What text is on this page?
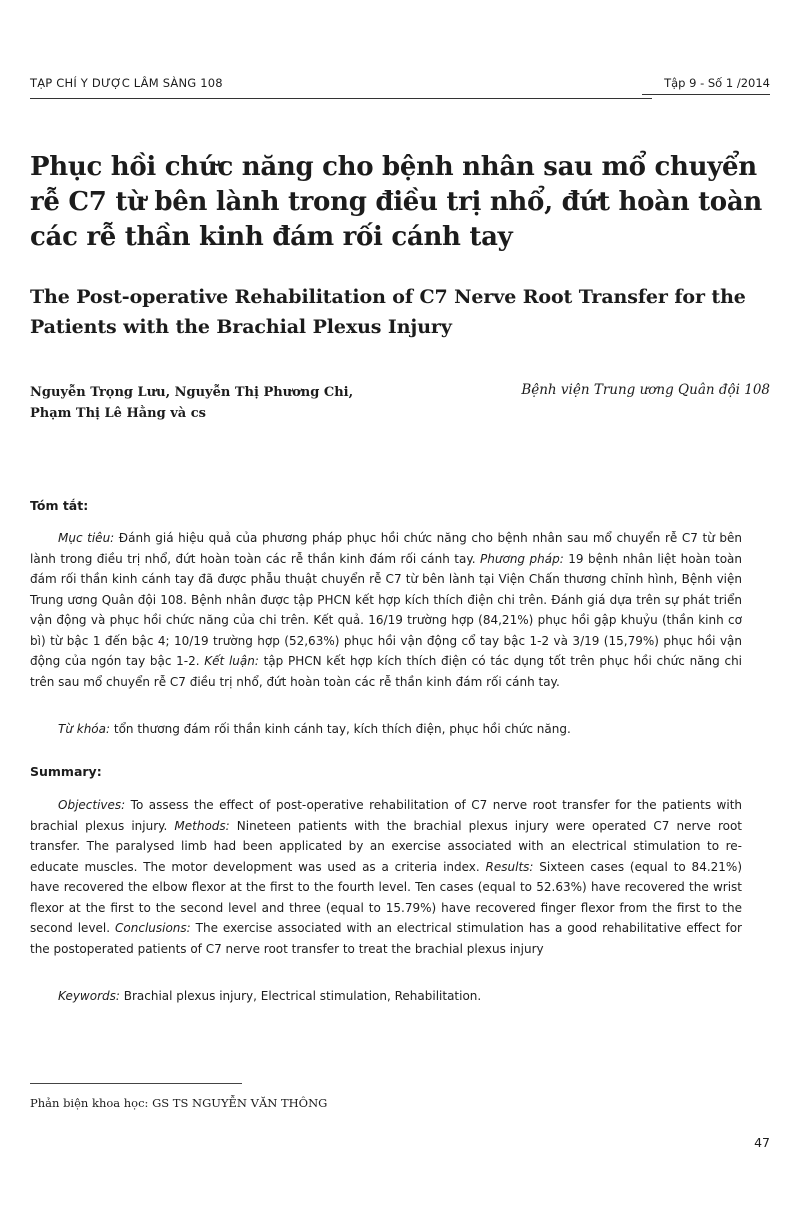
TẠP CHÍ Y DƯỢC LÂM SÀNG 108	Tập 9 - Số 1 /2014
Phục hồi chức năng cho bệnh nhân sau mổ chuyển rễ C7 từ bên lành trong điều trị nhổ, đứt hoàn toàn các rễ thần kinh đám rối cánh tay
The Post-operative Rehabilitation of C7 Nerve Root Transfer for the Patients with the Brachial Plexus Injury
Nguyễn Trọng Lưu, Nguyễn Thị Phương Chi,
Phạm Thị Lê Hằng và cs
Bệnh viện Trung ương Quân đội 108
Tóm tắt:

Mục tiêu: Đánh giá hiệu quả của phương pháp phục hồi chức năng cho bệnh nhân sau mổ chuyển rễ C7 từ bên lành trong điều trị nhổ, đứt hoàn toàn các rễ thần kinh đám rối cánh tay. Phương pháp: 19 bệnh nhân liệt hoàn toàn đám rối thần kinh cánh tay đã được phẫu thuật chuyển rễ C7 từ bên lành tại Viện Chấn thương chỉnh hình, Bệnh viện Trung ương Quân đội 108. Bệnh nhân được tập PHCN kết hợp kích thích điện chi trên. Đánh giá dựa trên sự phát triển vận động và phục hồi chức năng của chi trên. Kết quả. 16/19 trường hợp (84,21%) phục hồi gập khuỷu (thần kinh cơ bì) từ bậc 1 đến bậc 4; 10/19 trường hợp (52,63%) phục hồi vận động cổ tay bậc 1-2 và 3/19 (15,79%) phục hồi vận động của ngón tay bậc 1-2. Kết luận: tập PHCN kết hợp kích thích điện có tác dụng tốt trên phục hồi chức năng chi trên sau mổ chuyển rễ C7 điều trị nhổ, đứt hoàn toàn các rễ thần kinh đám rối cánh tay.

Từ khóa: tổn thương đám rối thần kinh cánh tay, kích thích điện, phục hồi chức năng.

Summary:

Objectives: To assess the effect of post-operative rehabilitation of C7 nerve root transfer for the patients with brachial plexus injury. Methods: Nineteen patients with the brachial plexus injury were operated C7 nerve root transfer. The paralysed limb had been applicated by an exercise associated with an electrical stimulation to re-educate muscles. The motor development was used as a criteria index. Results: Sixteen cases (equal to 84.21%) have recovered the elbow flexor at the first to the fourth level. Ten cases (equal to 52.63%) have recovered the wrist flexor at the first to the second level and three (equal to 15.79%) have recovered finger flexor from the first to the second level. Conclusions: The exercise associated with an electrical stimulation has a good rehabilitative effect for the postoperated patients of C7 nerve root transfer to treat the brachial plexus injury

Keywords: Brachial plexus injury, Electrical stimulation, Rehabilitation.

Phản biện khoa học: GS TS NGUYỄN VĂN THÔNG
47
